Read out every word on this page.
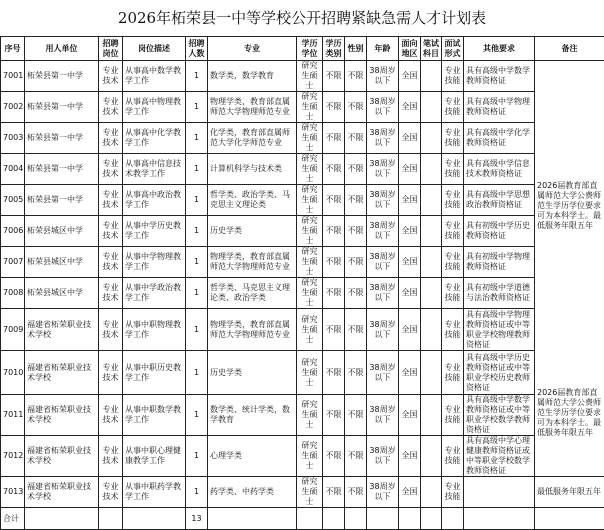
2026年柘荣县一中等学校公开招聘紧缺急需人才计划表
序号	用人单位	招聘岗位	岗位描述	招聘人数	专业	学历学位	学历类别	性别	年龄	面向地区	笔试科目	面试形式	其他要求	备注
7001	柘荣县第一中学	专业技术	从事高中数学教学工作	1	数学类，数学教育	研究生硕士	不限	不限	38周岁以下	全国		专业技能	具有高级中学数学教师资格证	2026届教育部直属师范大学公费师范生学历学位要求可为本科学士。最低服务年限五年
7002	柘荣县第一中学	专业技术	从事高中物理教学工作	1	物理学类，教育部直属师范大学物理师范专业	研究生硕士	不限	不限	38周岁以下	全国		专业技能	具有高级中学物理教师资格证	
7003	柘荣县第一中学	专业技术	从事高中化学教学工作	1	化学类，教育部直属师范大学化学师范专业	研究生硕士	不限	不限	38周岁以下	全国		专业技能	具有高级中学化学教师资格证	
7004	柘荣县第一中学	专业技术	从事高中信息技术教学工作	1	计算机科学与技术类	研究生硕士	不限	不限	38周岁以下	全国		专业技能	具有高级中学信息技术教师资格证	
7005	柘荣县第一中学	专业技术	从事高中政治教学工作	1	哲学类、政治学类、马克思主义理论类	研究生硕士	不限	不限	38周岁以下	全国		专业技能	具有高级中学思想政治教师资格证	
7006	柘荣县城区中学	专业技术	从事中学历史教学工作	1	历史学类	研究生硕士	不限	不限	38周岁以下	全国		专业技能	具有初级中学历史教师资格证	
7007	柘荣县城区中学	专业技术	从事中学物理教学工作	1	物理学类，教育部直属师范大学物理师范专业	研究生硕士	不限	不限	38周岁以下	全国		专业技能	具有初级中学物理教师资格证	
7008	柘荣县城区中学	专业技术	从事中学政治教学工作	1	哲学类、马克思主义理论类、政治学类	研究生硕士	不限	不限	38周岁以下	全国		专业技能	具有初级中学道德与法治教师资格证	
7009	福建省柘荣职业技术学校	专业技术	从事中职物理教学工作	1	物理学类，教育部直属师范大学物理师范专业	研究生硕士	不限	不限	38周岁以下	全国		专业技能	具有高级中学物理教师资格证或中等职业学校物理教师资格证	
7010	福建省柘荣职业技术学校	专业技术	从事中职历史教学工作	1	历史学类	研究生硕士	不限	不限	38周岁以下	全国		专业技能	具有高级中学历史教师资格证或中等职业学校历史教师资格证	2026届教育部直属师范大学公费师范生学历学位要求可为本科学士。最低服务年限五年
7011	福建省柘荣职业技术学校	专业技术	从事中职数学教学工作	1	数学类、统计学类，数学教育	研究生硕士	不限	不限	38周岁以下	全国		专业技能	具有高级中学数学教师资格证或中等职业学校数学教师资格证	
7012	福建省柘荣职业技术学校	专业技术	从事中职心理健康教学工作	1	心理学类	研究生硕士	不限	不限	38周岁以下	全国		专业技能	具有高级中学心理健康教师资格证或中等职业学校数学教师资格证	
7013	福建省柘荣职业技术学校	专业技术	从事中职药学教学工作	1	药学类、中药学类	研究生硕士	不限	不限	38周岁以下	全国		专业技能		最低服务年限五年
合计				13										
